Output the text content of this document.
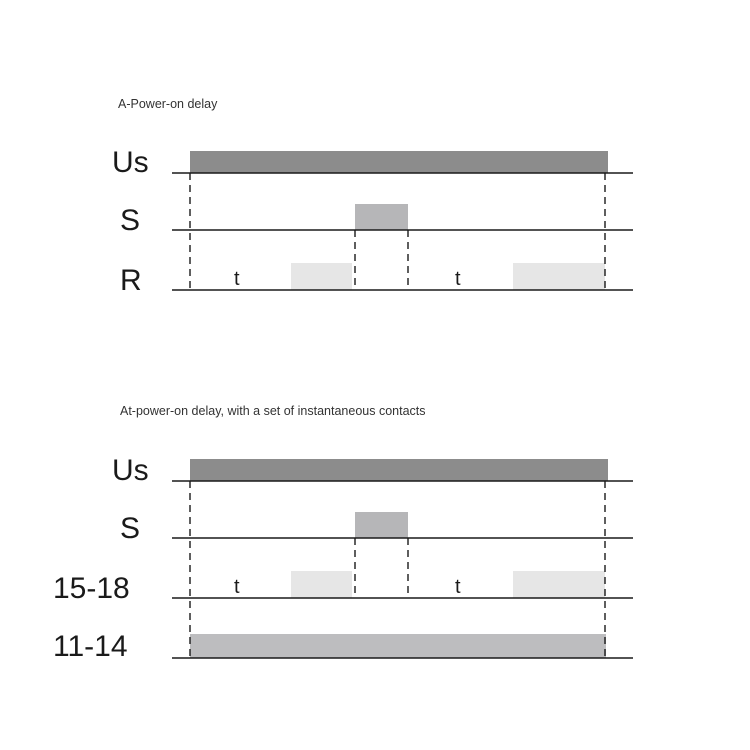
A-Power-on delay
Us
S
R	t	t
At-power-on delay, with a set of instantaneous contacts
Us
S
15-18	t	t
11-14
